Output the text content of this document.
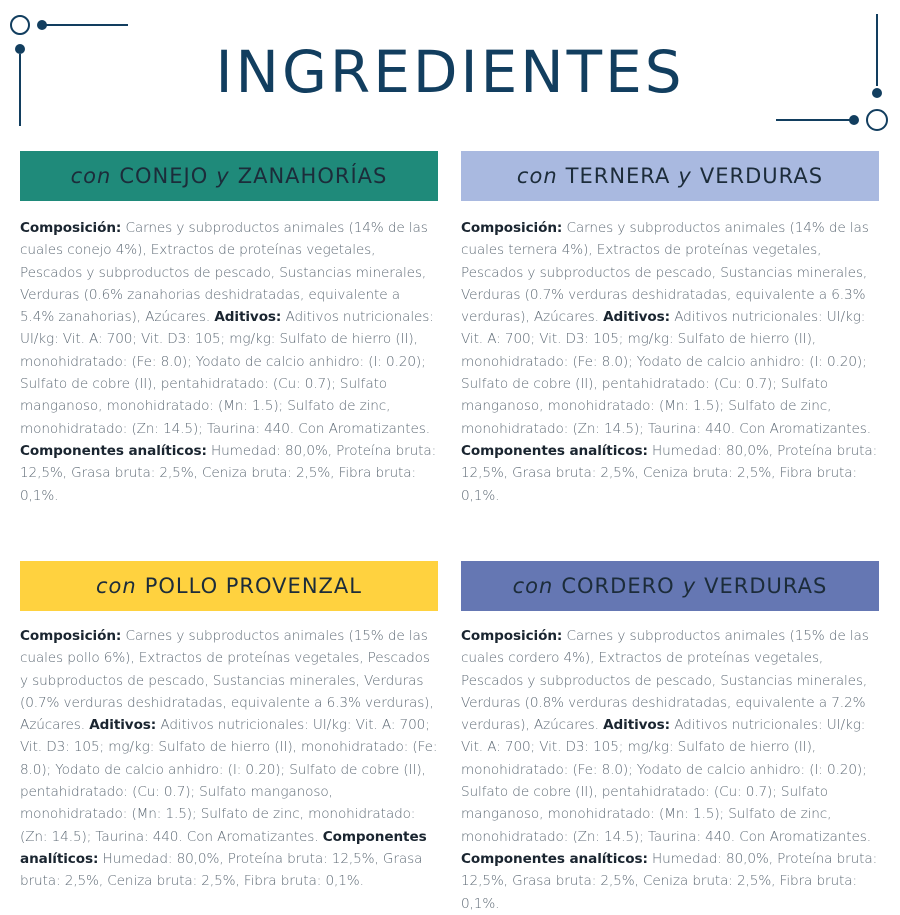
INGREDIENTES
con CONEJO y ZANAHORÍAS

Composición: Carnes y subproductos animales (14% de las cuales conejo 4%), Extractos de proteínas vegetales, Pescados y subproductos de pescado, Sustancias minerales, Verduras (0.6% zanahorias deshidratadas, equivalente a 5.4% zanahorias), Azúcares. Aditivos: Aditivos nutricionales: UI/kg: Vit. A: 700; Vit. D3: 105; mg/kg: Sulfato de hierro (II), monohidratado: (Fe: 8.0); Yodato de calcio anhidro: (I: 0.20); Sulfato de cobre (II), pentahidratado: (Cu: 0.7); Sulfato manganoso, monohidratado: (Mn: 1.5); Sulfato de zinc, monohidratado: (Zn: 14.5); Taurina: 440. Con Aromatizantes. Componentes analíticos: Humedad: 80,0%, Proteína bruta: 12,5%, Grasa bruta: 2,5%, Ceniza bruta: 2,5%, Fibra bruta: 0,1%.

con TERNERA y VERDURAS

Composición: Carnes y subproductos animales (14% de las cuales ternera 4%), Extractos de proteínas vegetales, Pescados y subproductos de pescado, Sustancias minerales, Verduras (0.7% verduras deshidratadas, equivalente a 6.3% verduras), Azúcares. Aditivos: Aditivos nutricionales: UI/kg: Vit. A: 700; Vit. D3: 105; mg/kg: Sulfato de hierro (II), monohidratado: (Fe: 8.0); Yodato de calcio anhidro: (I: 0.20); Sulfato de cobre (II), pentahidratado: (Cu: 0.7); Sulfato manganoso, monohidratado: (Mn: 1.5); Sulfato de zinc, monohidratado: (Zn: 14.5); Taurina: 440. Con Aromatizantes. Componentes analíticos: Humedad: 80,0%, Proteína bruta: 12,5%, Grasa bruta: 2,5%, Ceniza bruta: 2,5%, Fibra bruta: 0,1%.

con POLLO PROVENZAL

Composición: Carnes y subproductos animales (15% de las cuales pollo 6%), Extractos de proteínas vegetales, Pescados y subproductos de pescado, Sustancias minerales, Verduras (0.7% verduras deshidratadas, equivalente a 6.3% verduras), Azúcares. Aditivos: Aditivos nutricionales: UI/kg: Vit. A: 700; Vit. D3: 105; mg/kg: Sulfato de hierro (II), monohidratado: (Fe: 8.0); Yodato de calcio anhidro: (I: 0.20); Sulfato de cobre (II), pentahidratado: (Cu: 0.7); Sulfato manganoso, monohidratado: (Mn: 1.5); Sulfato de zinc, monohidratado: (Zn: 14.5); Taurina: 440. Con Aromatizantes. Componentes analíticos: Humedad: 80,0%, Proteína bruta: 12,5%, Grasa bruta: 2,5%, Ceniza bruta: 2,5%, Fibra bruta: 0,1%.

con CORDERO y VERDURAS

Composición: Carnes y subproductos animales (15% de las cuales cordero 4%), Extractos de proteínas vegetales, Pescados y subproductos de pescado, Sustancias minerales, Verduras (0.8% verduras deshidratadas, equivalente a 7.2% verduras), Azúcares. Aditivos: Aditivos nutricionales: UI/kg: Vit. A: 700; Vit. D3: 105; mg/kg: Sulfato de hierro (II), monohidratado: (Fe: 8.0); Yodato de calcio anhidro: (I: 0.20); Sulfato de cobre (II), pentahidratado: (Cu: 0.7); Sulfato manganoso, monohidratado: (Mn: 1.5); Sulfato de zinc, monohidratado: (Zn: 14.5); Taurina: 440. Con Aromatizantes. Componentes analíticos: Humedad: 80,0%, Proteína bruta: 12,5%, Grasa bruta: 2,5%, Ceniza bruta: 2,5%, Fibra bruta: 0,1%.
